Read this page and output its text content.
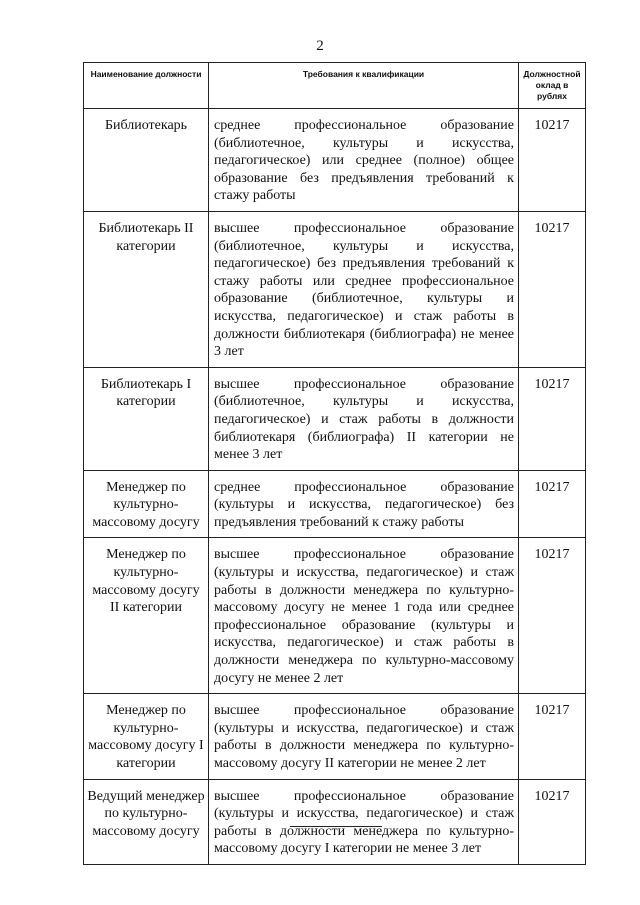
2
Наименование должности	Требования к квалификации	Должностной оклад в рублях
Библиотекарь	среднее профессиональное образование (библиотечное, культуры и искусства, педагогическое) или среднее (полное) общее образование без предъявления требований к стажу работы	10217
Библиотекарь II категории	высшее профессиональное образование (библиотечное, культуры и искусства, педагогическое) без предъявления требований к стажу работы или среднее профессиональное образование (библиотечное, культуры и искусства, педагогическое) и стаж работы в должности библиотекаря (библиографа) не менее 3 лет	10217
Библиотекарь I категории	высшее профессиональное образование (библиотечное, культуры и искусства, педагогическое) и стаж работы в должности библиотекаря (библиографа) II категории не менее 3 лет	10217
Менеджер по культурно-массовому досугу	среднее профессиональное образование (культуры и искусства, педагогическое) без предъявления требований к стажу работы	10217
Менеджер по культурно-массовому досугу II категории	высшее профессиональное образование (культуры и искусства, педагогическое) и стаж работы в должности менеджера по культурно-массовому досугу не менее 1 года или среднее профессиональное образование (культуры и искусства, педагогическое) и стаж работы в должности менеджера по культурно-массовому досугу не менее 2 лет	10217
Менеджер по культурно-массовому досугу I категории	высшее профессиональное образование (культуры и искусства, педагогическое) и стаж работы в должности менеджера по культурно-массовому досугу II категории не менее 2 лет	10217
Ведущий менеджер по культурно-массовому досугу	высшее профессиональное образование (культуры и искусства, педагогическое) и стаж работы в должности менеджера по культурно-массовому досугу I категории не менее 3 лет	10217
